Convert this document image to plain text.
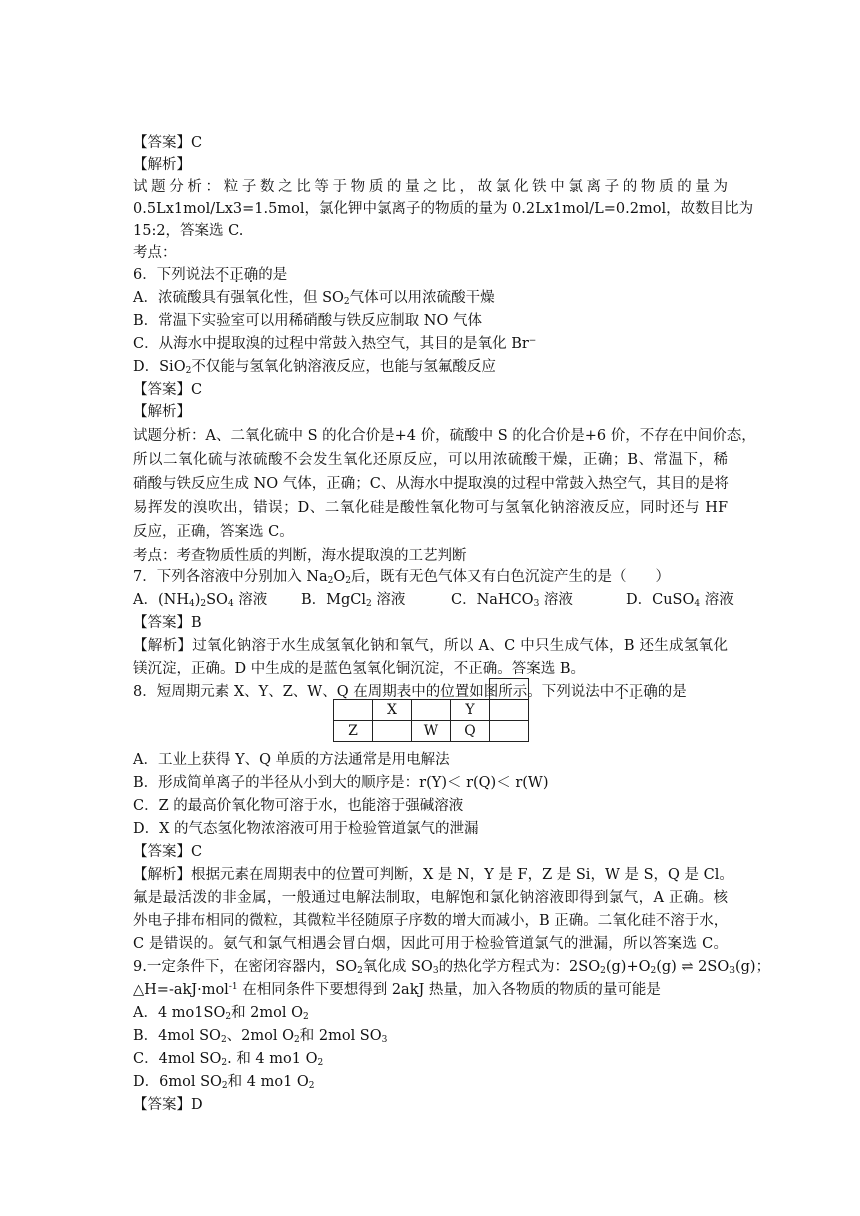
【答案】C
【解析】
试题分析：粒子数之比等于物质的量之比，故氯化铁中氯离子的物质的量为
0.5Lx1mol/Lx3=1.5mol，氯化钾中氯离子的物质的量为 0.2Lx1mol/L=0.2mol，故数目比为
15:2，答案选 C.
考点：
6．下列说法不正确的是
A．浓硫酸具有强氧化性，但 $SO_2$气体可以用浓硫酸干燥
B．常温下实验室可以用稀硝酸与铁反应制取 NO 气体
C．从海水中提取溴的过程中常鼓入热空气，其目的是氧化 Br−
D．SiO$_2$不仅能与氢氧化钠溶液反应，也能与氢氟酸反应
【答案】C
【解析】
试题分析：A、二氧化硫中 S 的化合价是+4 价，硫酸中 S 的化合价是+6 价，不存在中间价态，
所以二氧化硫与浓硫酸不会发生氧化还原反应，可以用浓硫酸干燥，正确；B、常温下，稀
硝酸与铁反应生成 NO 气体，正确；C、从海水中提取溴的过程中常鼓入热空气，其目的是将
易挥发的溴吹出，错误；D、二氧化硅是酸性氧化物可与氢氧化钠溶液反应，同时还与 HF
反应，正确，答案选 C。
考点：考查物质性质的判断，海水提取溴的工艺判断
7．下列各溶液中分别加入 $Na_2O_2$后，既有无色气体又有白色沉淀产生的是（　　）
A．$(NH_4)_2SO_4$ 溶液 B．MgCl$_2$ 溶液	C．NaHCO$_3$ 溶液	D．CuSO$_4$ 溶液
【答案】B
【解析】过氧化钠溶于水生成氢氧化钠和氧气，所以 A、C 中只生成气体，B 还生成氢氧化
镁沉淀，正确。D 中生成的是蓝色氢氧化铜沉淀，不正确。答案选 B。
8．短周期元素 X、Y、Z、W、Q 在周期表中的位置如图所示。下列说法中不正确的是

	X		Y	
Z		W	Q	
A．工业上获得 Y、Q 单质的方法通常是用电解法
B．形成简单离子的半径从小到大的顺序是：r(Y)＜ r(Q)＜ r(W)
C．Z 的最高价氧化物可溶于水，也能溶于强碱溶液
D．X 的气态氢化物浓溶液可用于检验管道氯气的泄漏
【答案】C
【解析】根据元素在周期表中的位置可判断，X 是 N，Y 是 F，Z 是 Si，W 是 S，Q 是 Cl。
氟是最活泼的非金属，一般通过电解法制取，电解饱和氯化钠溶液即得到氯气，A 正确。核
外电子排布相同的微粒，其微粒半径随原子序数的增大而减小，B 正确。二氧化硅不溶于水，
C 是错误的。氨气和氯气相遇会冒白烟，因此可用于检验管道氯气的泄漏，所以答案选 C。
9.一定条件下，在密闭容器内，$SO_2$氧化成 $SO_3$的热化学方程式为：$2SO_2(g)+O_2(g)$ ⇌ $2SO_3(g)$；
△H=-akJ·mol$^{-1}$ 在相同条件下要想得到 2akJ 热量，加入各物质的物质的量可能是
A．4 $mo1SO_2$和 2mol $O_2$
B．4mol $SO_2$、2mol $O_2$和 2mol $SO_3$
C．4mol $SO_2$. 和 4 mo1 $O_2$
D．6mol $SO_2$和 4 mo1 $O_2$
【答案】D
